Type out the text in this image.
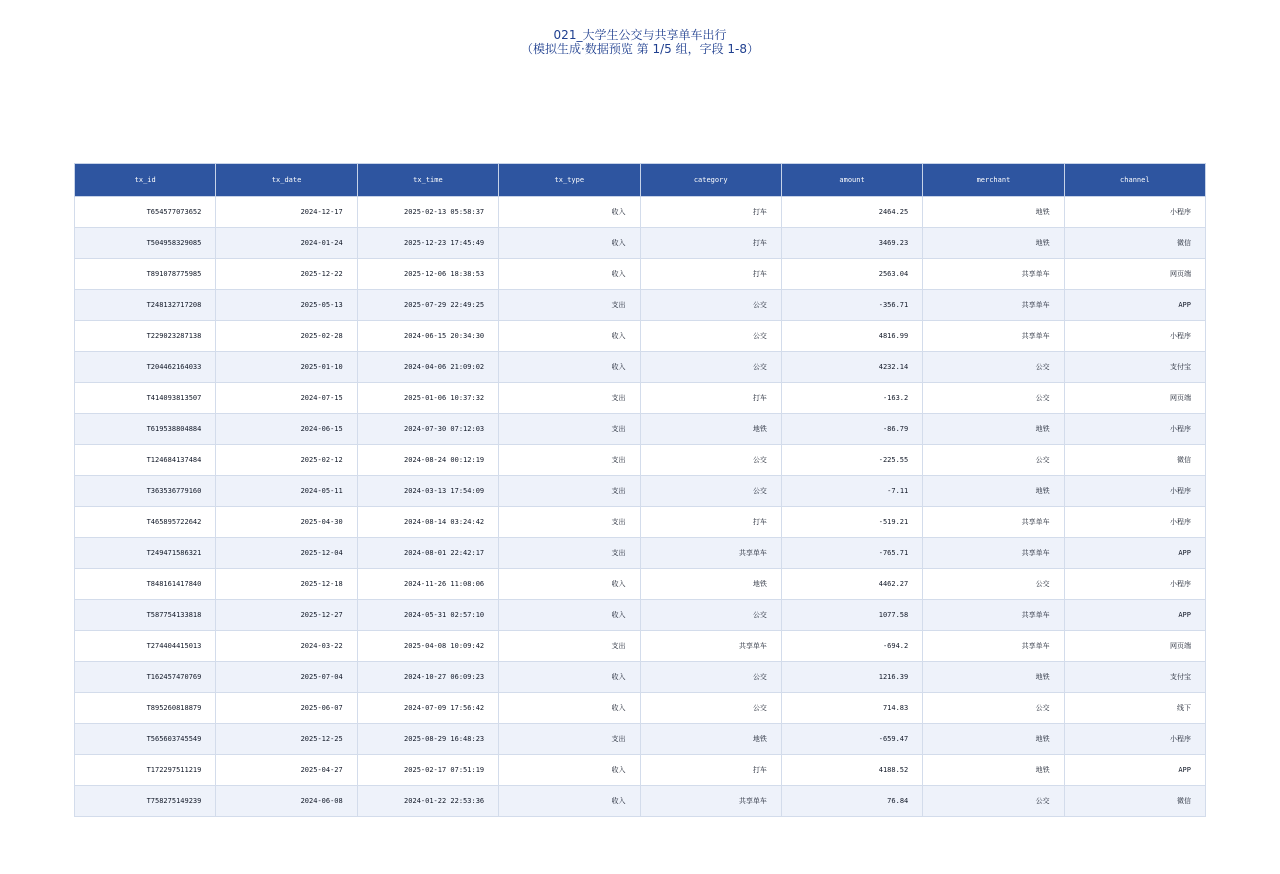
021_大学生公交与共享单车出行
（模拟生成·数据预览 第 1/5 组，字段 1-8）
tx_id	tx_date	tx_time	tx_type	category	amount	merchant	channel
T654577073652	2024-12-17	2025-02-13 05:58:37	收入	打车	2464.25	地铁	小程序
T504958329085	2024-01-24	2025-12-23 17:45:49	收入	打车	3469.23	地铁	微信
T891078775985	2025-12-22	2025-12-06 18:38:53	收入	打车	2563.04	共享单车	网页端
T248132717208	2025-05-13	2025-07-29 22:49:25	支出	公交	-356.71	共享单车	APP
T229023287138	2025-02-28	2024-06-15 20:34:30	收入	公交	4816.99	共享单车	小程序
T204462164033	2025-01-10	2024-04-06 21:09:02	收入	公交	4232.14	公交	支付宝
T414093813507	2024-07-15	2025-01-06 10:37:32	支出	打车	-163.2	公交	网页端
T619538804884	2024-06-15	2024-07-30 07:12:03	支出	地铁	-86.79	地铁	小程序
T124684137484	2025-02-12	2024-08-24 00:12:19	支出	公交	-225.55	公交	微信
T363536779160	2024-05-11	2024-03-13 17:54:09	支出	公交	-7.11	地铁	小程序
T465895722642	2025-04-30	2024-08-14 03:24:42	支出	打车	-519.21	共享单车	小程序
T249471586321	2025-12-04	2024-08-01 22:42:17	支出	共享单车	-765.71	共享单车	APP
T848161417840	2025-12-18	2024-11-26 11:08:06	收入	地铁	4462.27	公交	小程序
T587754133818	2025-12-27	2024-05-31 02:57:10	收入	公交	1077.58	共享单车	APP
T274404415013	2024-03-22	2025-04-08 10:09:42	支出	共享单车	-694.2	共享单车	网页端
T162457470769	2025-07-04	2024-10-27 06:09:23	收入	公交	1216.39	地铁	支付宝
T895260818879	2025-06-07	2024-07-09 17:56:42	收入	公交	714.83	公交	线下
T565603745549	2025-12-25	2025-08-29 16:48:23	支出	地铁	-659.47	地铁	小程序
T172297511219	2025-04-27	2025-02-17 07:51:19	收入	打车	4188.52	地铁	APP
T758275149239	2024-06-08	2024-01-22 22:53:36	收入	共享单车	76.84	公交	微信
